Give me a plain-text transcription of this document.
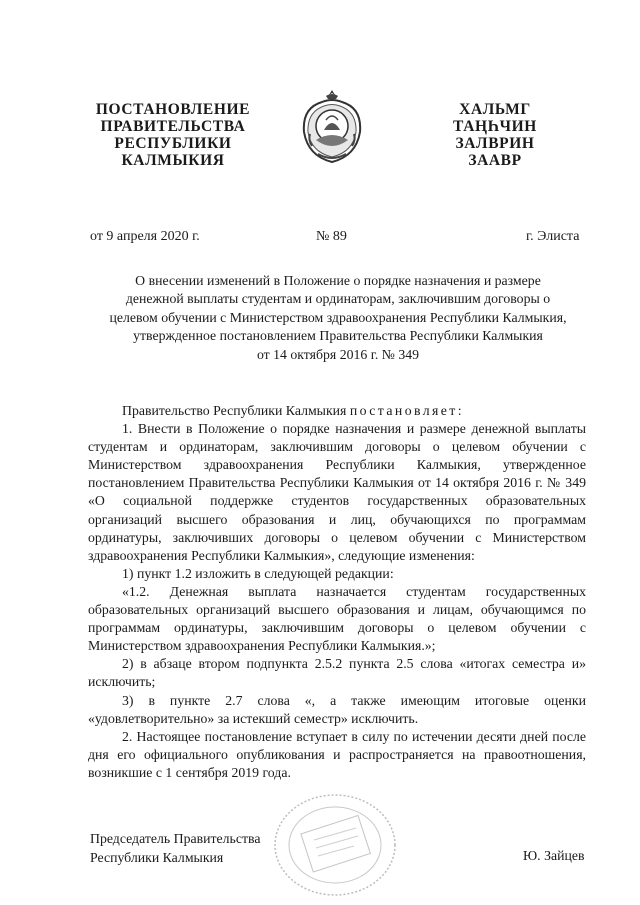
ПОСТАНОВЛЕНИЕ
ПРАВИТЕЛЬСТВА
РЕСПУБЛИКИ
КАЛМЫКИЯ
ХАЛЬМГ
ТАҢҺЧИН
ЗАЛВРИН
ЗААВР
от 9 апреля 2020 г.	№ 89	г. Элиста
О внесении изменений в Положение о порядке назначения и размере
денежной выплаты студентам и ординаторам, заключившим договоры о
целевом обучении с Министерством здравоохранения Республики Калмыкия,
утвержденное постановлением Правительства Республики Калмыкия
от 14 октября 2016 г. № 349

Правительство Республики Калмыкия постановляет:

1. Внести в Положение о порядке назначения и размере денежной выплаты студентам и ординаторам, заключившим договоры о целевом обучении с Министерством здравоохранения Республики Калмыкия, утвержденное постановлением Правительства Республики Калмыкия от 14 октября 2016 г. № 349 «О социальной поддержке студентов государственных образовательных организаций высшего образования и лиц, обучающихся по программам ординатуры, заключивших договоры о целевом обучении с Министерством здравоохранения Республики Калмыкия», следующие изменения:

1) пункт 1.2 изложить в следующей редакции:

«1.2. Денежная выплата назначается студентам государственных образовательных организаций высшего образования и лицам, обучающимся по программам ординатуры, заключившим договоры о целевом обучении с Министерством здравоохранения Республики Калмыкия.»;

2) в абзаце втором подпункта 2.5.2 пункта 2.5 слова «итогах семестра и» исключить;

3) в пункте 2.7 слова «, а также имеющим итоговые оценки «удовлетворительно» за истекший семестр» исключить.

2. Настоящее постановление вступает в силу по истечении десяти дней после дня его официального опубликования и распространяется на правоотношения, возникшие с 1 сентября 2019 года.

Председатель Правительства
Республики Калмыкия	Ю. Зайцев
